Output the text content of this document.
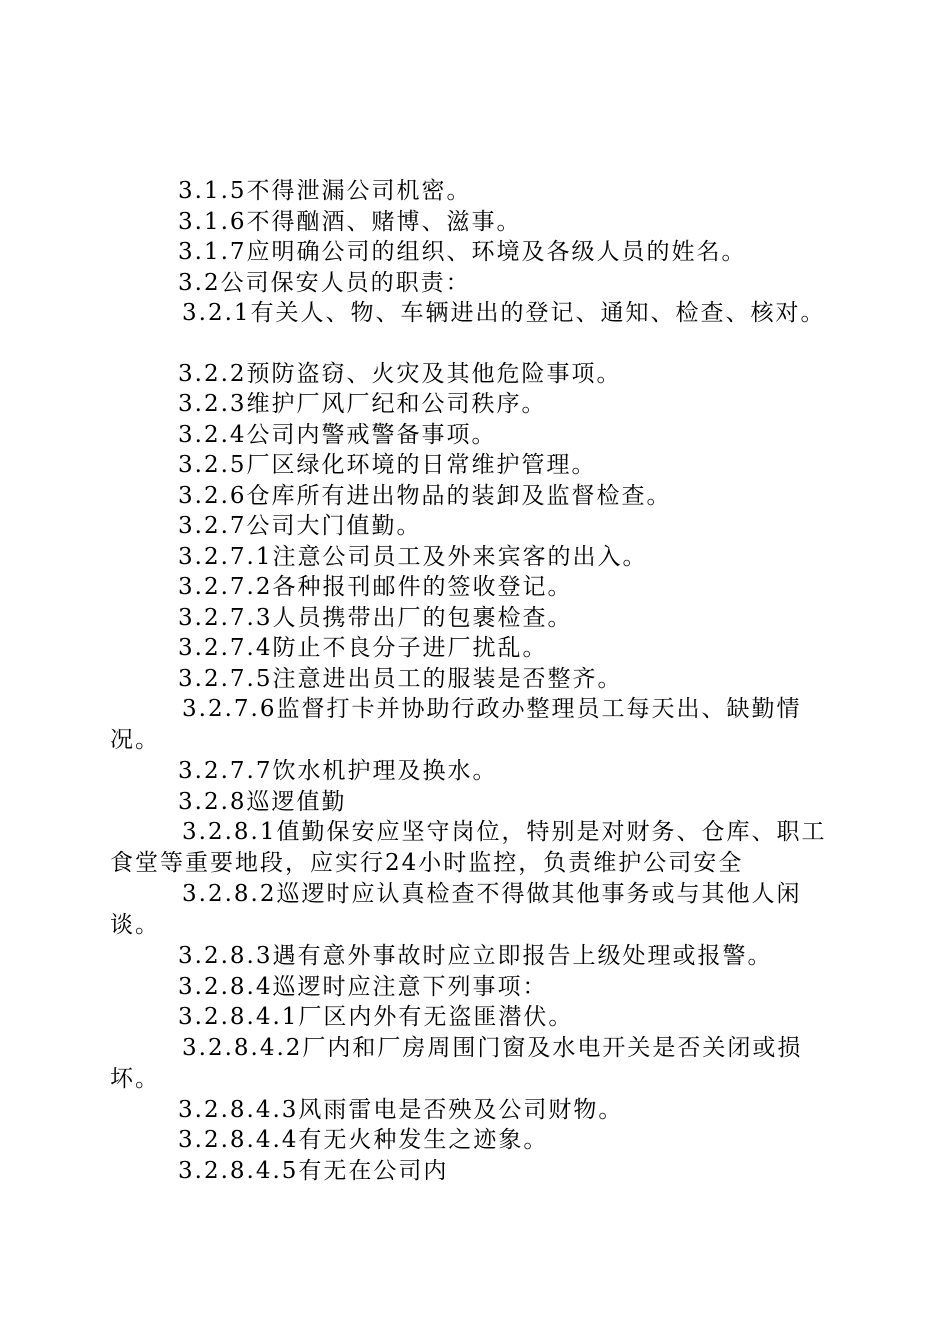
3.1.5不得泄漏公司机密。
3.1.6不得酗酒、赌博、滋事。
3.1.7应明确公司的组织、环境及各级人员的姓名。
3.2公司保安人员的职责：
3.2.1有关人、物、车辆进出的登记、通知、检查、核对。
3.2.2预防盗窃、火灾及其他危险事项。
3.2.3维护厂风厂纪和公司秩序。
3.2.4公司内警戒警备事项。
3.2.5厂区绿化环境的日常维护管理。
3.2.6仓库所有进出物品的装卸及监督检查。
3.2.7公司大门值勤。
3.2.7.1注意公司员工及外来宾客的出入。
3.2.7.2各种报刊邮件的签收登记。
3.2.7.3人员携带出厂的包裹检查。
3.2.7.4防止不良分子进厂扰乱。
3.2.7.5注意进出员工的服装是否整齐。
3.2.7.6监督打卡并协助行政办整理员工每天出、缺勤情况。
3.2.7.7饮水机护理及换水。
3.2.8巡逻值勤
3.2.8.1值勤保安应坚守岗位，特别是对财务、仓库、职工食堂等重要地段，应实行24小时监控，负责维护公司安全
3.2.8.2巡逻时应认真检查不得做其他事务或与其他人闲谈。
3.2.8.3遇有意外事故时应立即报告上级处理或报警。
3.2.8.4巡逻时应注意下列事项：
3.2.8.4.1厂区内外有无盗匪潜伏。
3.2.8.4.2厂内和厂房周围门窗及水电开关是否关闭或损坏。
3.2.8.4.3风雨雷电是否殃及公司财物。
3.2.8.4.4有无火种发生之迹象。
3.2.8.4.5有无在公司内
